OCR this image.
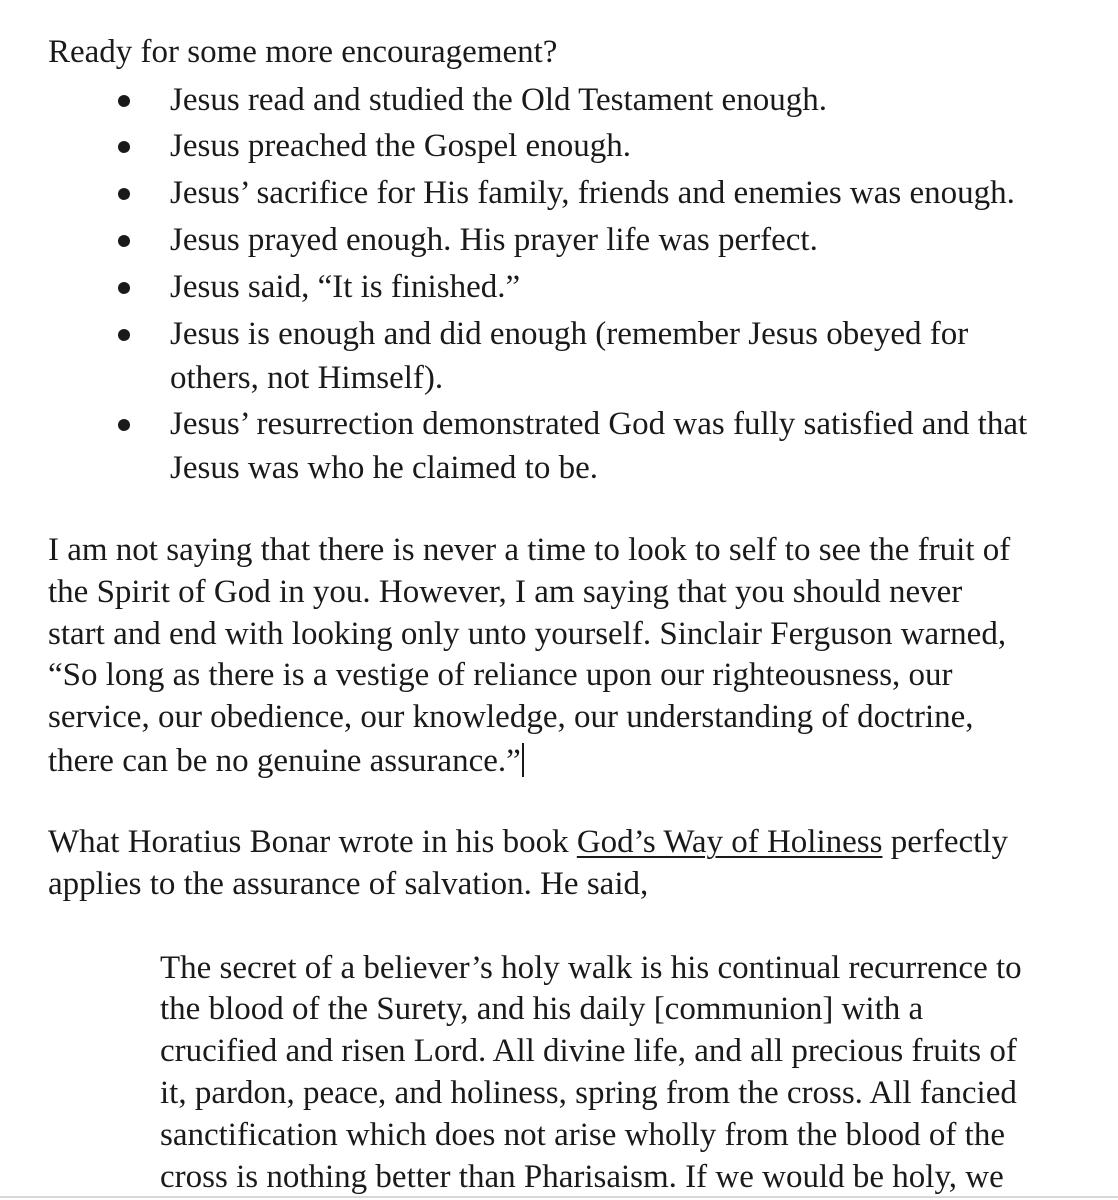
Ready for some more encouragement?
Jesus read and studied the Old Testament enough.
Jesus preached the Gospel enough.
Jesus’ sacrifice for His family, friends and enemies was enough.
Jesus prayed enough. His prayer life was perfect.
Jesus said, “It is finished.”
Jesus is enough and did enough (remember Jesus obeyed for
others, not Himself).
Jesus’ resurrection demonstrated God was fully satisfied and that
Jesus was who he claimed to be.
I am not saying that there is never a time to look to self to see the fruit of
the Spirit of God in you. However, I am saying that you should never
start and end with looking only unto yourself. Sinclair Ferguson warned,
“So long as there is a vestige of reliance upon our righteousness, our
service, our obedience, our knowledge, our understanding of doctrine,
there can be no genuine assurance.”
What Horatius Bonar wrote in his book God’s Way of Holiness perfectly
applies to the assurance of salvation. He said,
The secret of a believer’s holy walk is his continual recurrence to
the blood of the Surety, and his daily [communion] with a
crucified and risen Lord. All divine life, and all precious fruits of
it, pardon, peace, and holiness, spring from the cross. All fancied
sanctification which does not arise wholly from the blood of the
cross is nothing better than Pharisaism. If we would be holy, we
